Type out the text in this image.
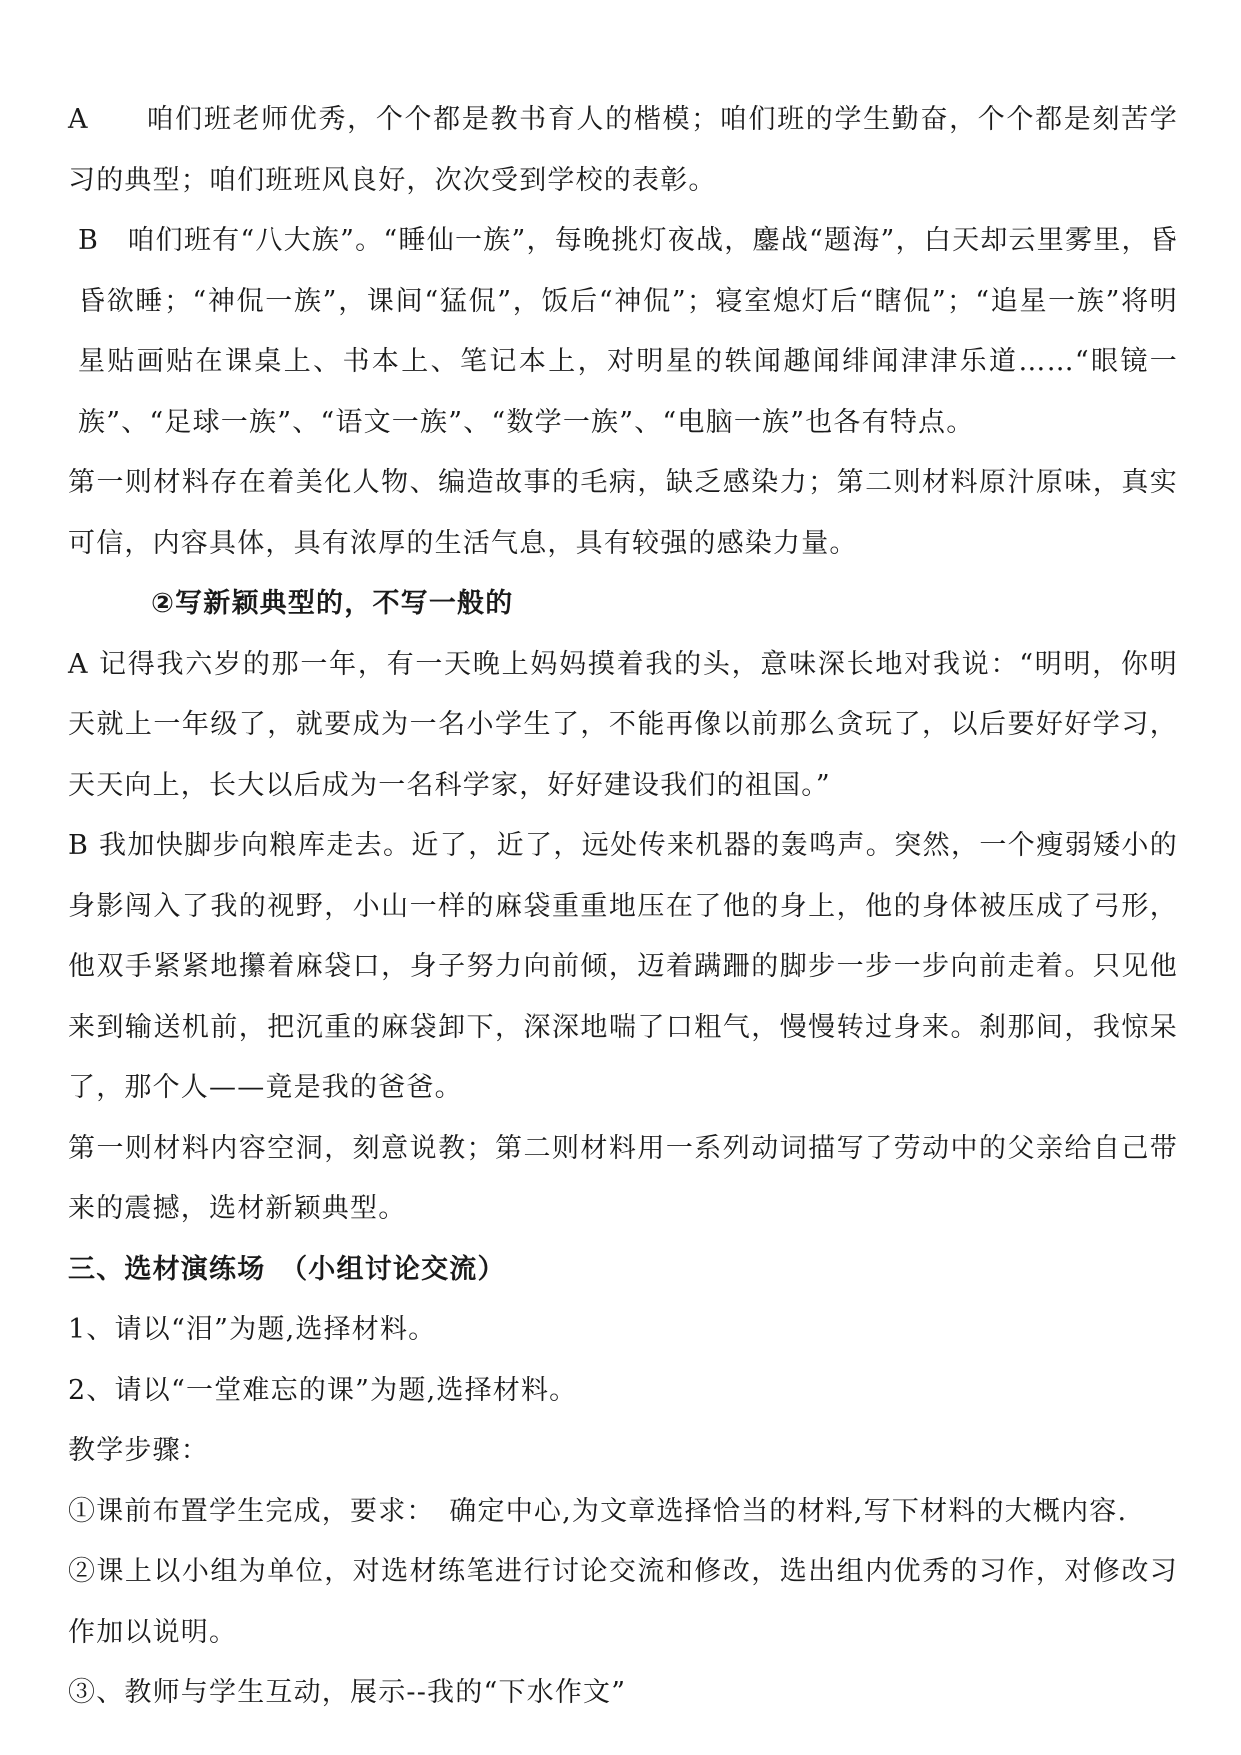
A　　咱们班老师优秀，个个都是教书育人的楷模；咱们班的学生勤奋，个个都是刻苦学习的典型；咱们班班风良好，次次受到学校的表彰。

B　咱们班有“八大族”。“睡仙一族”，每晚挑灯夜战，鏖战“题海”，白天却云里雾里，昏昏欲睡；“神侃一族”，课间“猛侃”，饭后“神侃”；寝室熄灯后“瞎侃”；“追星一族”将明星贴画贴在课桌上、书本上、笔记本上，对明星的轶闻趣闻绯闻津津乐道……“眼镜一族”、“足球一族”、“语文一族”、“数学一族”、“电脑一族”也各有特点。

第一则材料存在着美化人物、编造故事的毛病，缺乏感染力；第二则材料原汁原味，真实可信，内容具体，具有浓厚的生活气息，具有较强的感染力量。

②写新颖典型的，不写一般的

A 记得我六岁的那一年，有一天晚上妈妈摸着我的头，意味深长地对我说：“明明，你明天就上一年级了，就要成为一名小学生了，不能再像以前那么贪玩了，以后要好好学习，天天向上，长大以后成为一名科学家，好好建设我们的祖国。”

B 我加快脚步向粮库走去。近了，近了，远处传来机器的轰鸣声。突然，一个瘦弱矮小的身影闯入了我的视野，小山一样的麻袋重重地压在了他的身上，他的身体被压成了弓形，他双手紧紧地攥着麻袋口，身子努力向前倾，迈着蹒跚的脚步一步一步向前走着。只见他来到输送机前，把沉重的麻袋卸下，深深地喘了口粗气，慢慢转过身来。刹那间，我惊呆了，那个人——竟是我的爸爸。

第一则材料内容空洞，刻意说教；第二则材料用一系列动词描写了劳动中的父亲给自己带来的震撼，选材新颖典型。

三、选材演练场　（小组讨论交流）

1、请以“泪”为题,选择材料。

2、请以“一堂难忘的课”为题,选择材料。

教学步骤：

①课前布置学生完成，要求：　确定中心,为文章选择恰当的材料,写下材料的大概内容.

②课上以小组为单位，对选材练笔进行讨论交流和修改，选出组内优秀的习作，对修改习作加以说明。

③、教师与学生互动，展示--我的“下水作文”
